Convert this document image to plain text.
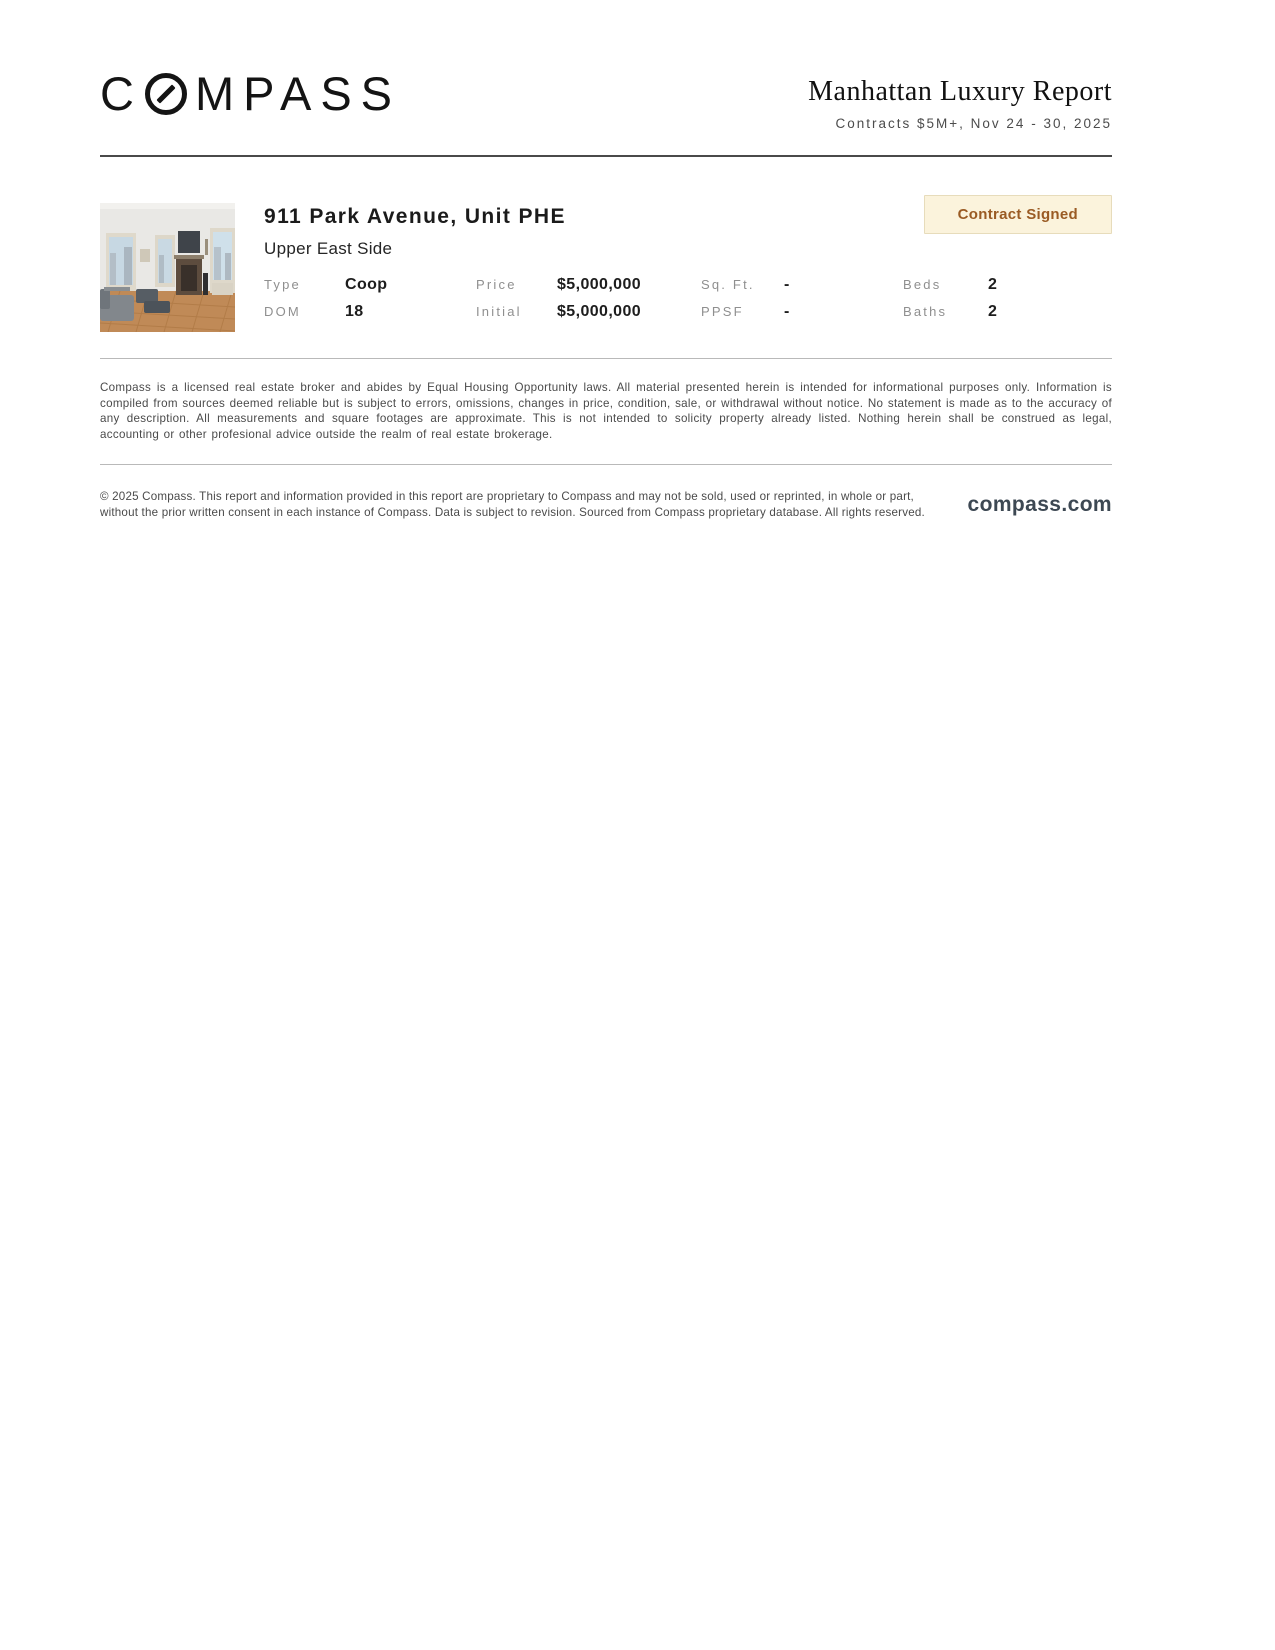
C MPASS	Manhattan Luxury Report
Contracts $5M+, Nov 24 - 30, 2025
911 Park Avenue, Unit PHE
Upper East Side
Contract Signed
Type	Coop	Price	$5,000,000	Sq. Ft.	-	Beds	2
DOM	18	Initial	$5,000,000	PPSF	-	Baths	2

Compass is a licensed real estate broker and abides by Equal Housing Opportunity laws. All material presented herein is intended for informational purposes only. Information is compiled from sources deemed reliable but is subject to errors, omissions, changes in price, condition, sale, or withdrawal without notice. No statement is made as to the accuracy of any description. All measurements and square footages are approximate. This is not intended to solicity property already listed. Nothing herein shall be construed as legal, accounting or other profesional advice outside the realm of real estate brokerage.

© 2025 Compass. This report and information provided in this report are proprietary to Compass and may not be sold, used or reprinted, in whole or part, without the prior written consent in each instance of Compass. Data is subject to revision. Sourced from Compass proprietary database. All rights reserved.	compass.com
